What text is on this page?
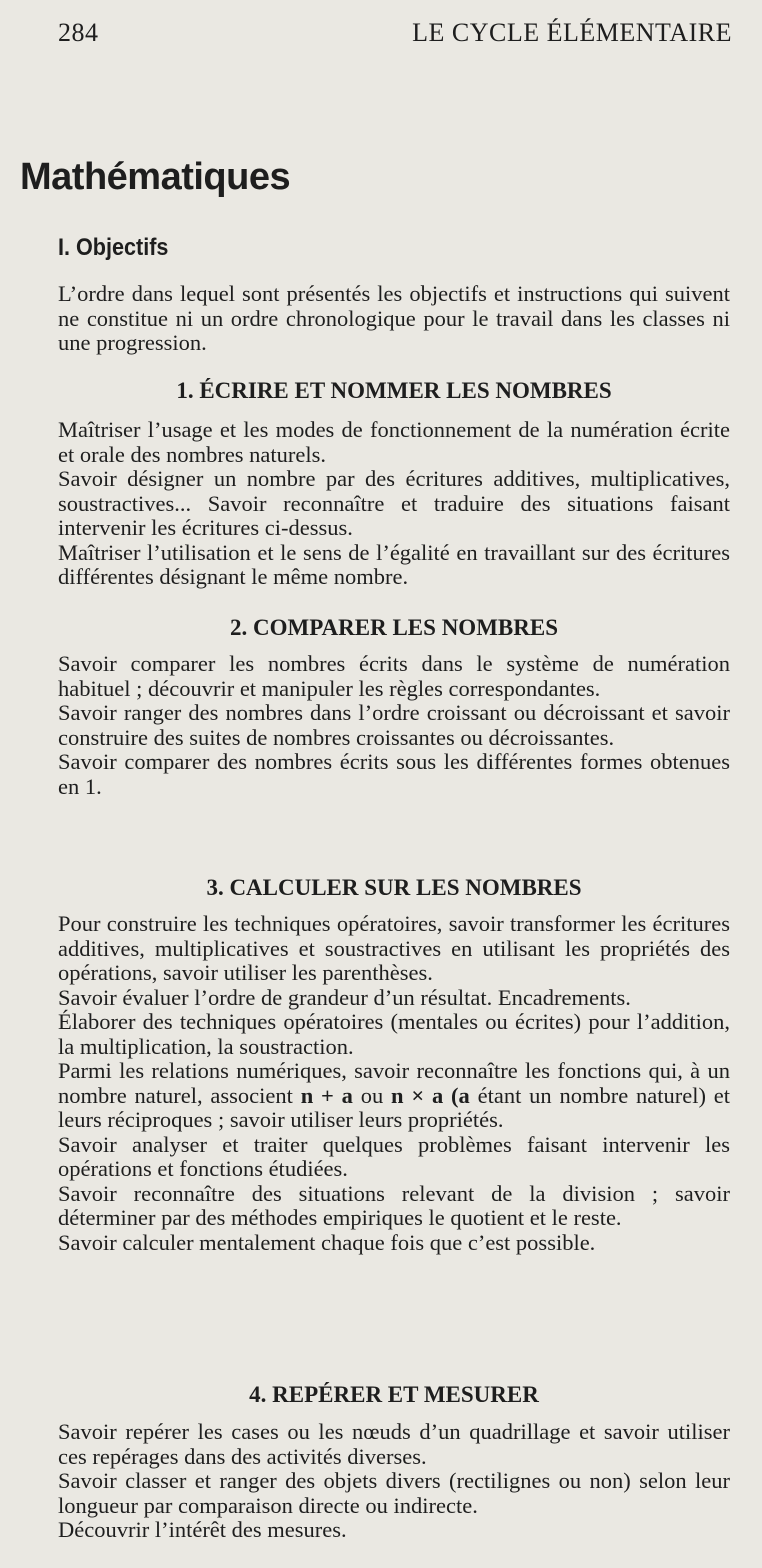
284	LE CYCLE ÉLÉMENTAIRE
Mathématiques
I. Objectifs

L’ordre dans lequel sont présentés les objectifs et instructions qui suivent ne constitue ni un ordre chronologique pour le travail dans les classes ni une progression.

1. ÉCRIRE ET NOMMER LES NOMBRES

Maîtriser l’usage et les modes de fonctionnement de la numération écrite et orale des nombres naturels.

Savoir désigner un nombre par des écritures additives, multiplicatives, soustractives... Savoir reconnaître et traduire des situations faisant intervenir les écritures ci-dessus.

Maîtriser l’utilisation et le sens de l’égalité en travaillant sur des écritures différentes désignant le même nombre.

2. COMPARER LES NOMBRES

Savoir comparer les nombres écrits dans le système de numération habituel ; découvrir et manipuler les règles correspondantes.

Savoir ranger des nombres dans l’ordre croissant ou décroissant et savoir construire des suites de nombres croissantes ou décroissantes.

Savoir comparer des nombres écrits sous les différentes formes obtenues en 1.

3. CALCULER SUR LES NOMBRES

Pour construire les techniques opératoires, savoir transformer les écritures additives, multiplicatives et soustractives en utilisant les propriétés des opérations, savoir utiliser les parenthèses.

Savoir évaluer l’ordre de grandeur d’un résultat. Encadrements.

Élaborer des techniques opératoires (mentales ou écrites) pour l’addition, la multiplication, la soustraction.

Parmi les relations numériques, savoir reconnaître les fonctions qui, à un nombre naturel, associent n + a ou n × a (a étant un nombre naturel) et leurs réciproques ; savoir utiliser leurs propriétés.

Savoir analyser et traiter quelques problèmes faisant intervenir les opérations et fonctions étudiées.

Savoir reconnaître des situations relevant de la division ; savoir déterminer par des méthodes empiriques le quotient et le reste.

Savoir calculer mentalement chaque fois que c’est possible.

4. REPÉRER ET MESURER

Savoir repérer les cases ou les nœuds d’un quadrillage et savoir utiliser ces repérages dans des activités diverses.

Savoir classer et ranger des objets divers (rectilignes ou non) selon leur longueur par comparaison directe ou indirecte.

Découvrir l’intérêt des mesures.
